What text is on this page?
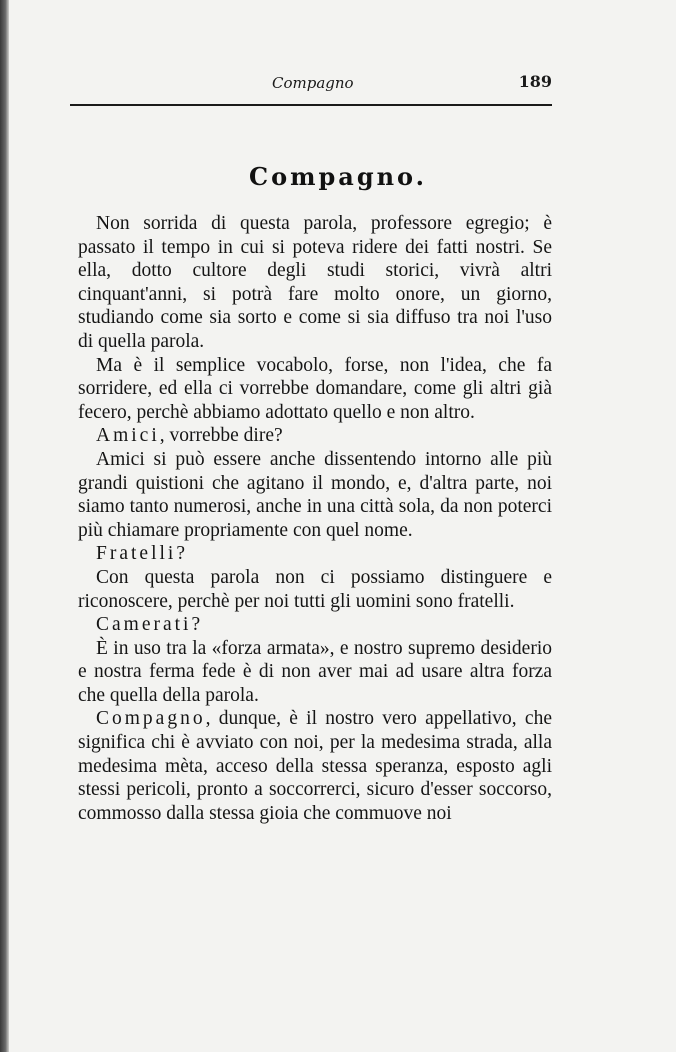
Compagno	189
Compagno.

Non sorrida di questa parola, professore egregio; è passato il tempo in cui si poteva ridere dei fatti nostri. Se ella, dotto cultore degli studi storici, vivrà altri cinquant'anni, si potrà fare molto onore, un giorno, studiando come sia sorto e come si sia diffuso tra noi l'uso di quella parola.

Ma è il semplice vocabolo, forse, non l'idea, che fa sorridere, ed ella ci vorrebbe domandare, come gli altri già fecero, perchè abbiamo adottato quello e non altro.

Amici, vorrebbe dire?

Amici si può essere anche dissentendo intorno alle più grandi quistioni che agitano il mondo, e, d'altra parte, noi siamo tanto numerosi, anche in una città sola, da non poterci più chiamare propriamente con quel nome.

Fratelli?

Con questa parola non ci possiamo distinguere e riconoscere, perchè per noi tutti gli uomini sono fratelli.

Camerati?

È in uso tra la «forza armata», e nostro supremo desiderio e nostra ferma fede è di non aver mai ad usare altra forza che quella della parola.

Compagno, dunque, è il nostro vero appellativo, che significa chi è avviato con noi, per la medesima strada, alla medesima mèta, acceso della stessa speranza, esposto agli stessi pericoli, pronto a soccorrerci, sicuro d'esser soccorso, commosso dalla stessa gioia che commuove noi
